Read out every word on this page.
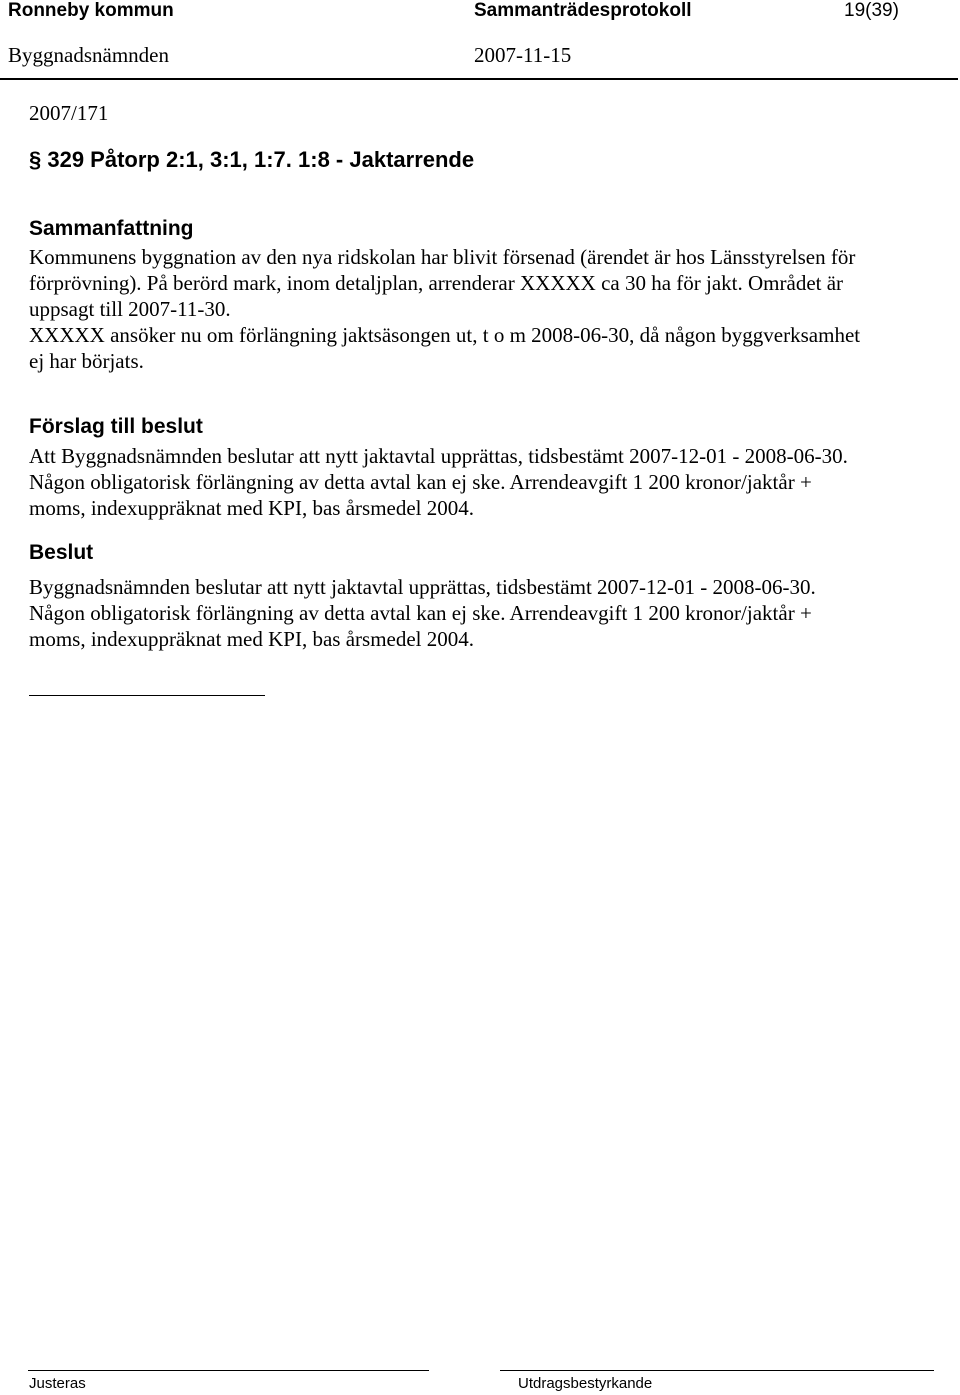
Ronneby kommun	Sammanträdesprotokoll	19(39)
Byggnadsnämnden	2007-11-15
2007/171
§ 329 Påtorp 2:1, 3:1, 1:7. 1:8 - Jaktarrende
Sammanfattning
Kommunens byggnation av den nya ridskolan har blivit försenad (ärendet är hos Länsstyrelsen för
förprövning). På berörd mark, inom detaljplan, arrenderar XXXXX ca 30 ha för jakt. Området är
uppsagt till 2007-11-30.
XXXXX ansöker nu om förlängning jaktsäsongen ut, t o m 2008-06-30, då någon byggverksamhet
ej har börjats.
Förslag till beslut
Att Byggnadsnämnden beslutar att nytt jaktavtal upprättas, tidsbestämt 2007-12-01 - 2008-06-30.
Någon obligatorisk förlängning av detta avtal kan ej ske. Arrendeavgift 1 200 kronor/jaktår +
moms, indexuppräknat med KPI, bas årsmedel 2004.
Beslut
Byggnadsnämnden beslutar att nytt jaktavtal upprättas, tidsbestämt 2007-12-01 - 2008-06-30.
Någon obligatorisk förlängning av detta avtal kan ej ske. Arrendeavgift 1 200 kronor/jaktår +
moms, indexuppräknat med KPI, bas årsmedel 2004.
Justeras	Utdragsbestyrkande
